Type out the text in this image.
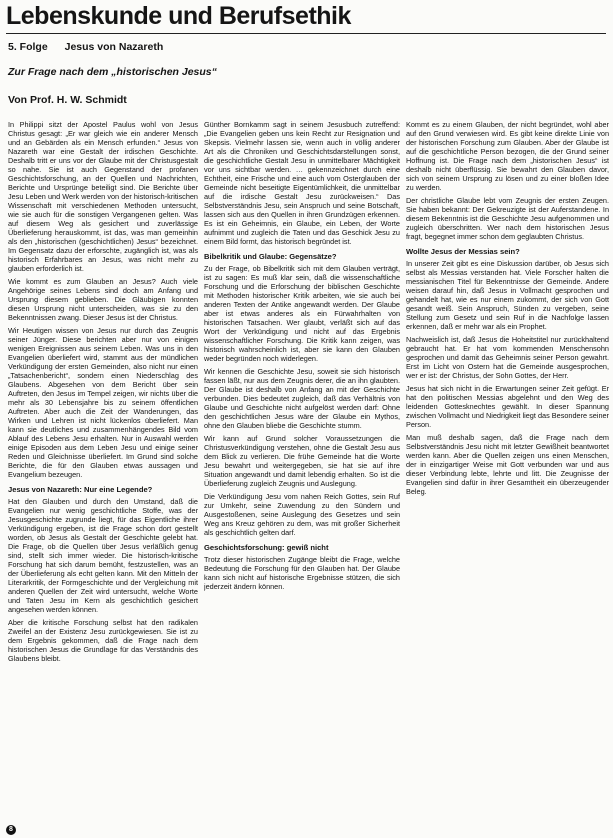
Lebenskunde und Berufsethik
5. Folge Jesus von Nazareth
Zur Frage nach dem „historischen Jesus“
Von Prof. H. W. Schmidt

In Philippi sitzt der Apostel Paulus wohl von Jesus Christus gesagt: „Er war gleich wie ein anderer Mensch und an Gebärden als ein Mensch erfunden.“ Jesus von Nazareth war eine Gestalt der irdischen Geschichte. Deshalb tritt er uns vor der Glaube mit der Christusgestalt so nahe. Sie ist auch Gegenstand der profanen Geschichtsforschung, an der Quellen und Nachrichten, Berichte und Ursprünge beteiligt sind. Die Berichte über Jesu Leben und Werk werden von der historisch-kritischen Wissenschaft mit verschiedenen Methoden untersucht, wie sie auch für die sonstigen Vergangenen gelten. Was auf diesem Weg als gesichert und zuverlässige Überlieferung herauskommt, ist das, was man gemeinhin als den „historischen (geschichtlichen) Jesus“ bezeichnet. Im Gegensatz dazu der erforschte, zugänglich ist, was als historisch Erfahrbares an Jesus, was nicht mehr zu glauben erforderlich ist.

Wie kommt es zum Glauben an Jesus? Auch viele Angehörige seines Lebens sind doch am Anfang und Ursprung diesem geblieben. Die Gläubigen konnten diesen Ursprung nicht unterscheiden, was sie zu den Bekenntnissen zwang. Dieser Jesus ist der Christus.

Wir Heutigen wissen von Jesus nur durch das Zeugnis seiner Jünger. Diese berichten aber nur von einigen wenigen Ereignissen aus seinem Leben. Was uns in den Evangelien überliefert wird, stammt aus der mündlichen Verkündigung der ersten Gemeinden, also nicht nur einen „Tatsachenbericht“, sondern einen Niederschlag des Glaubens. Abgesehen von dem Bericht über sein Auftreten, den Jesus im Tempel zeigen, wir nichts über die mehr als 30 Lebensjahre bis zu seinem öffentlichen Auftreten. Aber auch die Zeit der Wanderungen, das Wirken und Lehren ist nicht lückenlos überliefert. Man kann sie deutliches und zusammenhängendes Bild vom Ablauf des Lebens Jesu erhalten. Nur in Auswahl werden einige Episoden aus dem Leben Jesu und einige seiner Reden und Gleichnisse überliefert. Im Grund sind solche Berichte, die für den Glauben etwas aussagen und Evangelium bezeugen.

Jesus von Nazareth: Nur eine Legende?

Hat den Glauben und durch den Umstand, daß die Evangelien nur wenig geschichtliche Stoffe, was der Jesusgeschichte zugrunde liegt, für das Eigentliche ihrer Verkündigung ergeben, ist die Frage schon dort gestellt worden, ob Jesus als Gestalt der Geschichte gelebt hat. Die Frage, ob die Quellen über Jesus verläßlich genug sind, stellt sich immer wieder. Die historisch-kritische Forschung hat sich darum bemüht, festzustellen, was an der Überlieferung als echt gelten kann. Mit den Mitteln der Literarkritik, der Formgeschichte und der Vergleichung mit anderen Quellen der Zeit wird untersucht, welche Worte und Taten Jesu im Kern als geschichtlich gesichert angesehen werden können.

Aber die kritische Forschung selbst hat den radikalen Zweifel an der Existenz Jesu zurückgewiesen. Sie ist zu dem Ergebnis gekommen, daß die Frage nach dem historischen Jesus die Grundlage für das Verständnis des Glaubens bleibt.

Günther Bornkamm sagt in seinem Jesusbuch zutreffend: „Die Evangelien geben uns kein Recht zur Resignation und Skepsis. Vielmehr lassen sie, wenn auch in völlig anderer Art als die Chroniken und Geschichtsdarstellungen sonst, die geschichtliche Gestalt Jesu in unmittelbarer Mächtigkeit vor uns sichtbar werden. … gekennzeichnet durch eine Echtheit, eine Frische und eine auch vom Osterglauben der Gemeinde nicht beseitigte Eigentümlichkeit, die unmittelbar auf die irdische Gestalt Jesu zurückweisen.“ Das Selbstverständnis Jesu, sein Anspruch und seine Botschaft, lassen sich aus den Quellen in ihren Grundzügen erkennen. Es ist ein Geheimnis, ein Glaube, ein Leben, der Worte aufnimmt und zugleich die Taten und das Geschick Jesu zu einem Bild formt, das historisch begründet ist.

Bibelkritik und Glaube: Gegensätze?

Zu der Frage, ob Bibelkritik sich mit dem Glauben verträgt, ist zu sagen: Es muß klar sein, daß die wissenschaftliche Forschung und die Erforschung der biblischen Geschichte mit Methoden historischer Kritik arbeiten, wie sie auch bei anderen Texten der Antike angewandt werden. Der Glaube aber ist etwas anderes als ein Fürwahrhalten von historischen Tatsachen. Wer glaubt, verläßt sich auf das Wort der Verkündigung und nicht auf das Ergebnis wissenschaftlicher Forschung. Die Kritik kann zeigen, was historisch wahrscheinlich ist, aber sie kann den Glauben weder begründen noch widerlegen.

Wir kennen die Geschichte Jesu, soweit sie sich historisch fassen läßt, nur aus dem Zeugnis derer, die an ihn glaubten. Der Glaube ist deshalb von Anfang an mit der Geschichte verbunden. Dies bedeutet zugleich, daß das Verhältnis von Glaube und Geschichte nicht aufgelöst werden darf: Ohne den geschichtlichen Jesus wäre der Glaube ein Mythos, ohne den Glauben bliebe die Geschichte stumm.

Wir kann auf Grund solcher Voraussetzungen die Christusverkündigung verstehen, ohne die Gestalt Jesu aus dem Blick zu verlieren. Die frühe Gemeinde hat die Worte Jesu bewahrt und weitergegeben, sie hat sie auf ihre Situation angewandt und damit lebendig erhalten. So ist die Überlieferung zugleich Zeugnis und Auslegung.

Die Verkündigung Jesu vom nahen Reich Gottes, sein Ruf zur Umkehr, seine Zuwendung zu den Sündern und Ausgestoßenen, seine Auslegung des Gesetzes und sein Weg ans Kreuz gehören zu dem, was mit großer Sicherheit als geschichtlich gelten darf.

Geschichtsforschung: gewiß nicht

Trotz dieser historischen Zugänge bleibt die Frage, welche Bedeutung die Forschung für den Glauben hat. Der Glaube kann sich nicht auf historische Ergebnisse stützen, die sich jederzeit ändern können.

Kommt es zu einem Glauben, der nicht begründet, wohl aber auf den Grund verwiesen wird. Es gibt keine direkte Linie von der historischen Forschung zum Glauben. Aber der Glaube ist auf die geschichtliche Person bezogen, die der Grund seiner Hoffnung ist. Die Frage nach dem „historischen Jesus“ ist deshalb nicht überflüssig. Sie bewahrt den Glauben davor, sich von seinem Ursprung zu lösen und zu einer bloßen Idee zu werden.

Der christliche Glaube lebt vom Zeugnis der ersten Zeugen. Sie haben bekannt: Der Gekreuzigte ist der Auferstandene. In diesem Bekenntnis ist die Geschichte Jesu aufgenommen und zugleich überschritten. Wer nach dem historischen Jesus fragt, begegnet immer schon dem geglaubten Christus.

Wollte Jesus der Messias sein?

In unserer Zeit gibt es eine Diskussion darüber, ob Jesus sich selbst als Messias verstanden hat. Viele Forscher halten die messianischen Titel für Bekenntnisse der Gemeinde. Andere weisen darauf hin, daß Jesus in Vollmacht gesprochen und gehandelt hat, wie es nur einem zukommt, der sich von Gott gesandt weiß. Sein Anspruch, Sünden zu vergeben, seine Stellung zum Gesetz und sein Ruf in die Nachfolge lassen erkennen, daß er mehr war als ein Prophet.

Nachweislich ist, daß Jesus die Hoheitstitel nur zurückhaltend gebraucht hat. Er hat vom kommenden Menschensohn gesprochen und damit das Geheimnis seiner Person gewahrt. Erst im Licht von Ostern hat die Gemeinde ausgesprochen, wer er ist: der Christus, der Sohn Gottes, der Herr.

Jesus hat sich nicht in die Erwartungen seiner Zeit gefügt. Er hat den politischen Messias abgelehnt und den Weg des leidenden Gottesknechtes gewählt. In dieser Spannung zwischen Vollmacht und Niedrigkeit liegt das Besondere seiner Person.

Man muß deshalb sagen, daß die Frage nach dem Selbstverständnis Jesu nicht mit letzter Gewißheit beantwortet werden kann. Aber die Quellen zeigen uns einen Menschen, der in einzigartiger Weise mit Gott verbunden war und aus dieser Verbindung lebte, lehrte und litt. Die Zeugnisse der Evangelien sind dafür in ihrer Gesamtheit ein überzeugender Beleg.

8
